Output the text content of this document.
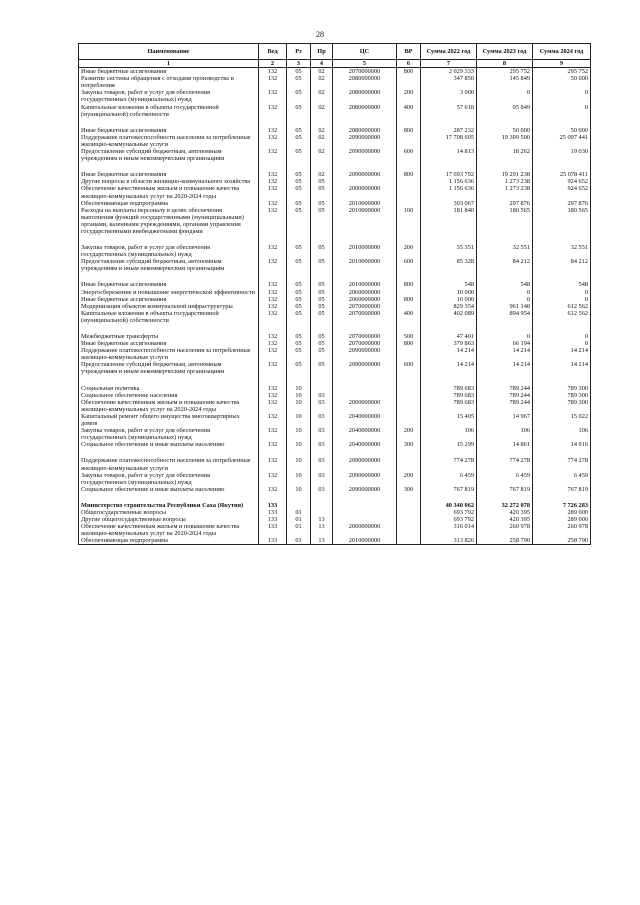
28
Наименование	Вед	Рз	Пр	ЦС	ВР	Сумма 2022 год	Сумма 2023 год	Сумма 2024 год
1	2	3	4	5	6	7	8	9
Иные бюджетные ассигнования	132	05	02	2070000000	800	2 029 333	295 752	295 752
Развитие системы обращения с отходами производства и потребления	132	05	02	2080000000		347 850	145 849	50 000
Закупка товаров, работ и услуг для обеспечения государственных (муниципальных) нужд	132	05	02	2080000000	200	3 000	0	0
Капитальные вложения в объекты государственной (муниципальной) собственности	132	05	02	2080000000	400	57 618	95 849	0
Иные бюджетные ассигнования	132	05	02	2080000000	800	287 232	50 000	50 000
Поддержание платежеспособности населения за потребленные жилищно-коммунальные услуги	132	05	02	2090000000		17 708 605	19 309 500	25 097 441
Предоставление субсидий бюджетным, автономным учреждениям и иным некоммерческим организациям	132	05	02	2090000000	600	14 813	18 262	19 030
Иные бюджетные ассигнования	132	05	02	2090000000	800	17 693 792	19 291 238	25 078 411
Другие вопросы в области жилищно-коммунального хозяйства	132	05	05			1 156 636	1 273 238	924 652
Обеспечение качественным жильем и повышение качества жилищно-коммунальных услуг на 2020-2024 годы	132	05	05	2000000000		1 156 636	1 273 238	924 652
Обеспечивающая подпрограмма	132	05	05	2010000000		303 067	297 876	297 876
Расходы на выплаты персоналу в целях обеспечения выполнения функций государственными (муниципальными) органами, казенными учреждениями, органами управления государственными внебюджетными фондами	132	05	05	2010000000	100	181 840	180 565	180 565
Закупка товаров, работ и услуг для обеспечения государственных (муниципальных) нужд	132	05	05	2010000000	200	35 351	32 551	32 551
Предоставление субсидий бюджетным, автономным учреждениям и иным некоммерческим организациям	132	05	05	2010000000	600	85 328	84 212	84 212
Иные бюджетные ассигнования	132	05	05	2010000000	800	548	548	548
Энергосбережение и повышение энергетической эффективности	132	05	05	2060000000		10 000	0	0
Иные бюджетные ассигнования	132	05	05	2060000000	800	10 000	0	0
Модернизация объектов коммунальной инфраструктуры	132	05	05	2070000000		829 354	961 148	612 562
Капитальные вложения в объекты государственной (муниципальной) собственности	132	05	05	2070000000	400	402 089	894 954	612 562
Межбюджетные трансферты	132	05	05	2070000000	500	47 401	0	0
Иные бюджетные ассигнования	132	05	05	2070000000	800	379 863	66 194	0
Поддержание платежеспособности населения за потребленные жилищно-коммунальные услуги	132	05	05	2090000000		14 214	14 214	14 214
Предоставление субсидий бюджетным, автономным учреждениям и иным некоммерческим организациям	132	05	05	2090000000	600	14 214	14 214	14 214
Социальная политика	132	10				789 683	789 244	789 300
Социальное обеспечение населения	132	10	03			789 683	789 244	789 300
Обеспечение качественным жильем и повышение качества жилищно-коммунальных услуг на 2020-2024 годы	132	10	03	2000000000		789 683	789 244	789 300
Капитальный ремонт общего имущества многоквартирных домов	132	10	03	2040000000		15 405	14 967	15 022
Закупка товаров, работ и услуг для обеспечения государственных (муниципальных) нужд	132	10	03	2040000000	200	106	106	106
Социальное обеспечение и иные выплаты населению	132	10	03	2040000000	300	15 299	14 861	14 916
Поддержание платежеспособности населения за потребленные жилищно-коммунальные услуги	132	10	03	2090000000		774 278	774 278	774 278
Закупка товаров, работ и услуг для обеспечения государственных (муниципальных) нужд	132	10	03	2090000000	200	6 459	6 459	6 459
Социальное обеспечение и иные выплаты населению	132	10	03	2090000000	300	767 819	767 819	767 819
Министерство строительства Республики Саха (Якутия)	133					40 340 062	32 272 078	7 726 283
Общегосударственные вопросы	133	01				693 792	420 395	289 000
Другие общегосударственные вопросы	133	01	13			693 792	420 395	289 000
Обеспечение качественным жильем и повышение качества жилищно-коммунальных услуг на 2020-2024 годы	133	01	13	2000000000		316 014	260 978	260 978
Обеспечивающая подпрограмма	133	01	13	2010000000		313 826	258 790	258 790
